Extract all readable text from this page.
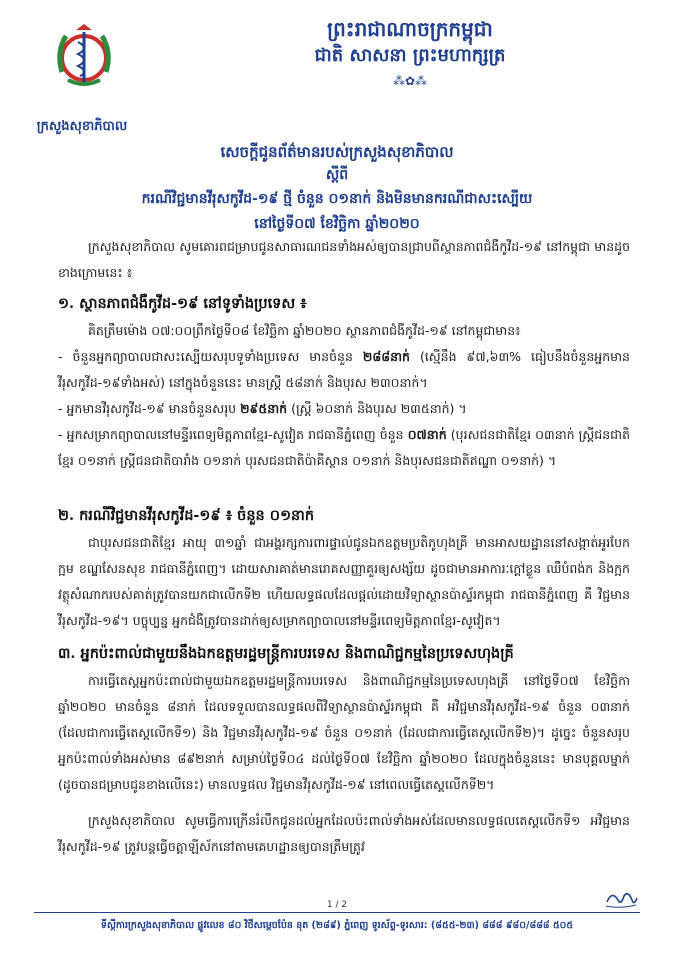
ក្រសួងសុខាភិបាល
ព្រះរាជាណាចក្រកម្ពុជា
ជាតិ សាសនា ព្រះមហាក្សត្រ
⁂✿⁂
សេចក្តីជូនព័ត៌មានរបស់ក្រសួងសុខាភិបាល
ស្តីពី
ករណីវិជ្ជមានវីរុសកូវីដ-១៩ ថ្មី ចំនួន ០១នាក់ និងមិនមានករណីជាសះស្បើយ
នៅថ្ងៃទី០៧ ខែវិច្ឆិកា ឆ្នាំ២០២០
ក្រសួងសុខាភិបាល សូមគោរពជម្រាបជូនសាធារណជនទាំងអស់ឲ្យបានជ្រាបពីស្ថានភាពជំងឺកូវីដ-១៩ នៅកម្ពុជា មានដូចខាងក្រោមនេះ ៖
១. ស្ថានភាពជំងឺកូវីដ-១៩ នៅទូទាំងប្រទេស ៖
គិតត្រឹមម៉ោង ០៧:០០ព្រឹកថ្ងៃទី០៨ ខែវិច្ឆិកា ឆ្នាំ២០២០ ស្ថានភាពជំងឺកូវីដ-១៩ នៅកម្ពុជាមាន៖
- ចំនួនអ្នកព្យាបាលជាសះស្បើយសរុបទូទាំងប្រទេស មានចំនួន ២៨៨នាក់ (ស្មើនឹង ៩៧,៦៣% ធៀបនឹងចំនួនអ្នកមានវីរុសកូវីដ-១៩ទាំងអស់) នៅក្នុងចំនួននេះ មានស្ត្រី ៥៨នាក់ និងបុរស ២៣០នាក់។
- អ្នកមានវីរុសកូវីដ-១៩ មានចំនួនសរុប ២៩៥នាក់ (ស្ត្រី ៦០នាក់ និងបុរស ២៣៥នាក់) ។
- អ្នកសម្រាកព្យាបាលនៅមន្ទីរពេទ្យមិត្តភាពខ្មែរ-សូវៀត រាជធានីភ្នំពេញ ចំនួន ០៧នាក់ (បុរសជនជាតិខ្មែរ ០៣នាក់ ស្ត្រីជនជាតិខ្មែរ ០១នាក់ ស្ត្រីជនជាតិបារាំង ០១នាក់ បុរសជនជាតិប៉ាគីស្ថាន ០១នាក់ និងបុរសជនជាតិឥណ្ឌា ០១នាក់) ។
២. ករណីវិជ្ជមានវីរុសកូវីដ-១៩ ៖ ចំនួន ០១នាក់
ជាបុរសជនជាតិខ្មែរ អាយុ ៣១ឆ្នាំ ជាអង្គរក្សការពារផ្ទាល់ជូនឯកឧត្តមប្រតិភូហុងគ្រី មានអាសយដ្ឋាននៅសង្កាត់អូរបែកក្អម ខណ្ឌសែនសុខ រាជធានីភ្នំពេញ។ ដោយសារគាត់មានរោគសញ្ញាគួរឲ្យសង្ស័យ ដូចជាមានអាការៈក្តៅខ្លួន ឈឺបំពង់ក និងក្អក វត្ថុសំណាករបស់គាត់ត្រូវបានយកជាលើកទី២ ហើយលទ្ធផលដែលផ្តល់ដោយវិទ្យាស្ថានប៉ាស្ទ័រកម្ពុជា រាជធានីភ្នំពេញ គឺ វិជ្ជមានវីរុសកូវីដ-១៩។ បច្ចុប្បន្ន អ្នកជំងឺត្រូវបានដាក់ឲ្យសម្រាកព្យាបាលនៅមន្ទីរពេទ្យមិត្តភាពខ្មែរ-សូវៀត។
៣. អ្នកប៉ះពាល់ជាមួយនឹងឯកឧត្តមរដ្ឋមន្ត្រីការបរទេស និងពាណិជ្ជកម្មនៃប្រទេសហុងគ្រី
ការធ្វើតេស្តអ្នកប៉ះពាល់ជាមួយឯកឧត្តមរដ្ឋមន្ត្រីការបរទេស និងពាណិជ្ជកម្មនៃប្រទេសហុងគ្រី នៅថ្ងៃទី០៧ ខែវិច្ឆិកា ឆ្នាំ២០២០ មានចំនួន ៨នាក់ ដែលទទួលបានលទ្ធផលពីវិទ្យាស្ថានប៉ាស្ទ័រកម្ពុជា គឺ អវិជ្ជមានវីរុសកូវីដ-១៩ ចំនួន ០៣នាក់ (ដែលជាការធ្វើតេស្តលើកទី១) និង វិជ្ជមានវីរុសកូវីដ-១៩ ចំនួន ០១នាក់ (ដែលជាការធ្វើតេស្តលើកទី២)។ ដូច្នេះ ចំនួនសរុបអ្នកប៉ះពាល់ទាំងអស់មាន ៨៩២នាក់ សម្រាប់ថ្ងៃទី០៤ ដល់ថ្ងៃទី០៧ ខែវិច្ឆិកា ឆ្នាំ២០២០ ដែលក្នុងចំនួននេះ មានបុគ្គលម្នាក់ (ដូចបានជម្រាបជូនខាងលើនេះ) មានលទ្ធផល វិជ្ជមានវីរុសកូវីដ-១៩ នៅពេលធ្វើតេស្តលើកទី២។
ក្រសួងសុខាភិបាល សូមធ្វើការក្រើនរំលឹកជូនដល់អ្នកដែលប៉ះពាល់ទាំងអស់ដែលមានលទ្ធផលតេស្តលើកទី១ អវិជ្ជមានវីរុសកូវីដ-១៩ ត្រូវបន្តធ្វើចត្តាឡីស័កនៅតាមគេហដ្ឋានឲ្យបានត្រឹមត្រូវ
1 / 2
ទីស្តីការក្រសួងសុខាភិបាល ផ្លូវលេខ ៨០ វិថីសម្ដេចប៉ែន នុត (២៨៩) ភ្នំពេញ ទូរស័ព្ទ-ទូរសារ: (៨៥៥-២៣) ៨៨៨ ៩៨០/៨៨៨ ៥០៥
